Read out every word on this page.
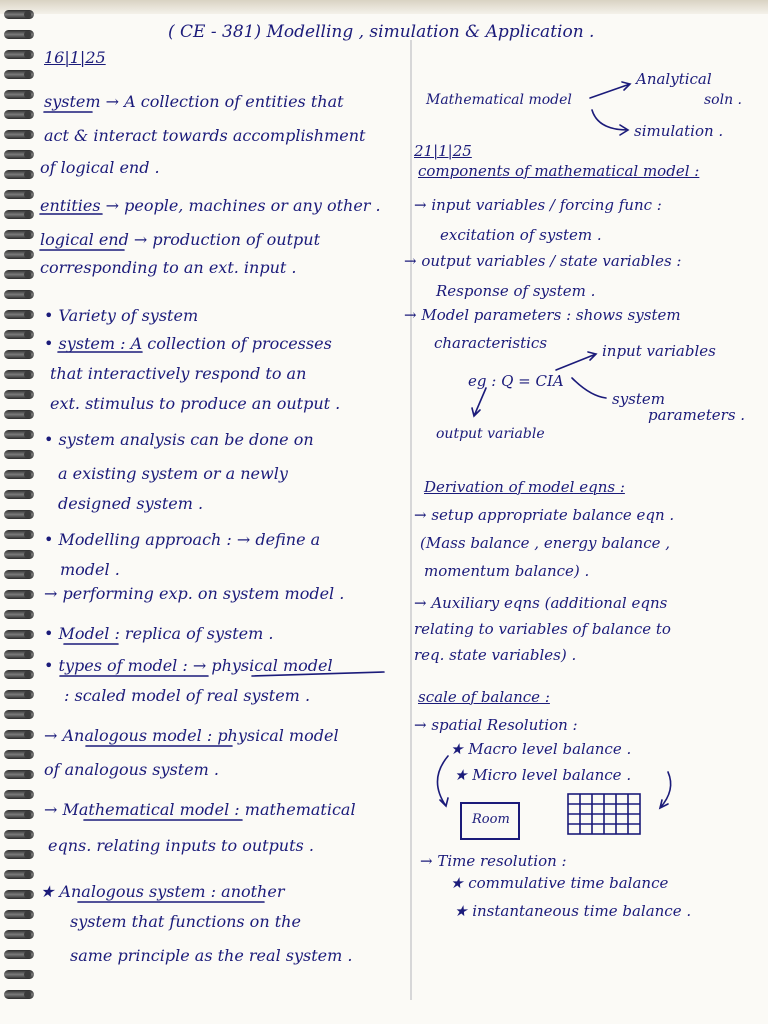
( CE - 381) Modelling , simulation & Application .
16|1|25
system → A collection of entities that
act & interact towards accomplishment
of logical end .
entities → people, machines or any other .
logical end → production of output
corresponding to an ext. input .
• Variety of system
• system : A collection of processes
that interactively respond to an
ext. stimulus to produce an output .
• system analysis can be done on
a existing system or a newly
designed system .
• Modelling approach : → define a
model .
→ performing exp. on system model .
• Model : replica of system .
• types of model : → physical model
: scaled model of real system .
→ Analogous model : physical model
of analogous system .
→ Mathematical model : mathematical
eqns. relating inputs to outputs .
★ Analogous system : another
system that functions on the
same principle as the real system .
Mathematical model
Analytical
soln .
simulation .
21|1|25
components of mathematical model :
→ input variables / forcing func :
excitation of system .
→ output variables / state variables :
Response of system .
→ Model parameters : shows system
characteristics	input variables
eg : Q = CIA
system
parameters .
output variable
Derivation of model eqns :
→ setup appropriate balance eqn .
(Mass balance , energy balance ,
momentum balance) .
→ Auxiliary eqns (additional eqns
relating to variables of balance to
req. state variables) .
scale of balance :
→ spatial Resolution :
★ Macro level balance .
★ Micro level balance .
Room
→ Time resolution :
★ commulative time balance
★ instantaneous time balance .
